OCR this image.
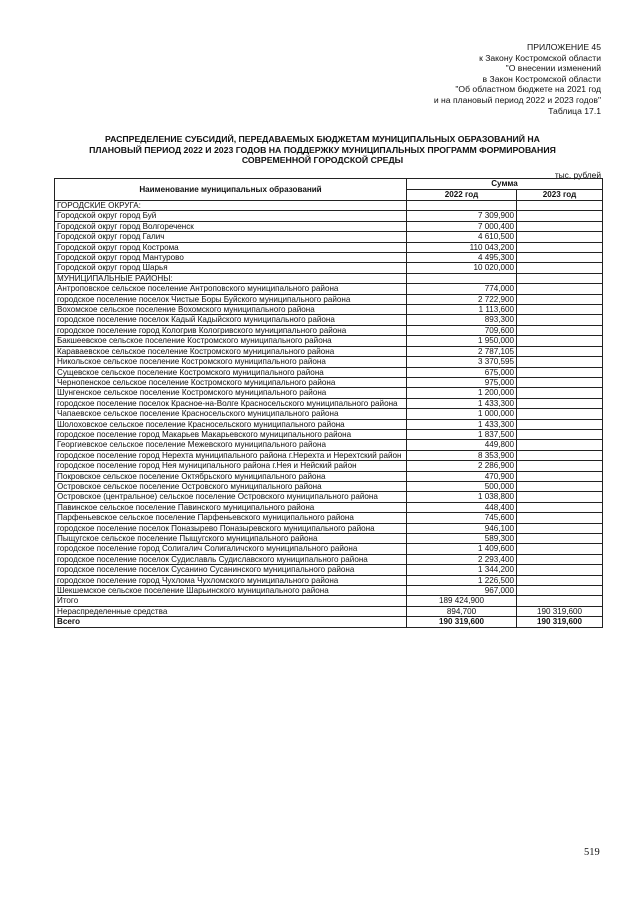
ПРИЛОЖЕНИЕ 45
к Закону Костромской области
"О внесении изменений
в Закон Костромской области
"Об областном бюджете на 2021 год
и на плановый период 2022 и 2023 годов"
Таблица 17.1
РАСПРЕДЕЛЕНИЕ СУБСИДИЙ, ПЕРЕДАВАЕМЫХ БЮДЖЕТАМ МУНИЦИПАЛЬНЫХ ОБРАЗОВАНИЙ НА
ПЛАНОВЫЙ ПЕРИОД 2022 И 2023 ГОДОВ НА ПОДДЕРЖКУ МУНИЦИПАЛЬНЫХ ПРОГРАММ ФОРМИРОВАНИЯ
СОВРЕМЕННОЙ ГОРОДСКОЙ СРЕДЫ
тыс. рублей
Наименование муниципальных образований	Сумма	
	2022 год	2023 год
ГОРОДСКИЕ ОКРУГА:		
Городской округ город Буй	7 309,900	
Городской округ город Волгореченск	7 000,400	
Городской округ город Галич	4 610,500	
Городской округ город Кострома	110 043,200	
Городской округ город Мантурово	4 495,300	
Городской округ город Шарья	10 020,000	
МУНИЦИПАЛЬНЫЕ РАЙОНЫ:		
Антроповское сельское поселение Антроповского муниципального района	774,000	
городское поселение поселок Чистые Боры Буйского муниципального района	2 722,900	
Вохомское сельское поселение Вохомского муниципального района	1 113,600	
городское поселение поселок Кадый Кадыйского муниципального района	893,300	
городское поселение город Кологрив Кологривского муниципального района	709,600	
Бакшеевское сельское поселение Костромского муниципального района	1 950,000	
Караваевское сельское поселение Костромского муниципального района	2 787,105	
Никольское сельское поселение Костромского муниципального района	3 370,595	
Сущевское сельское поселение Костромского муниципального района	675,000	
Чернопенское сельское поселение Костромского муниципального района	975,000	
Шунгенское сельское поселение Костромского муниципального района	1 200,000	
городское поселение поселок Красное-на-Волге Красносельского муниципального района	1 433,300	
Чапаевское сельское поселение Красносельского муниципального района	1 000,000	
Шолоховское сельское поселение Красносельского муниципального района	1 433,300	
городское поселение город Макарьев Макарьевского муниципального района	1 837,500	
Георгиевское сельское поселение Межевского муниципального района	449,800	
городское поселение город Нерехта муниципального района г.Нерехта и Нерехтский район	8 353,900	
городское поселение город Нея муниципального района г.Нея и Нейский район	2 286,900	
Покровское сельское поселение Октябрьского муниципального района	470,900	
Островское сельское поселение Островского муниципального района	500,000	
Островское (центральное) сельское поселение Островского муниципального района	1 038,800	
Павинское сельское поселение Павинского муниципального района	448,400	
Парфеньевское сельское поселение Парфеньевского муниципального района	745,600	
городское поселение поселок Поназырево Поназыревского муниципального района	946,100	
Пыщугское сельское поселение Пыщугского муниципального района	589,300	
городское поселение город Солигалич Солигаличского муниципального района	1 409,600	
городское поселение поселок Судиславль Судиславского муниципального района	2 293,400	
городское поселение поселок Сусанино Сусанинского муниципального района	1 344,200	
городское поселение город Чухлома Чухломского муниципального района	1 226,500	
Шекшемское сельское поселение Шарьинского муниципального района	967,000	
Итого	189 424,900	
Нераспределенные средства	894,700	190 319,600
Всего	190 319,600	190 319,600
519
